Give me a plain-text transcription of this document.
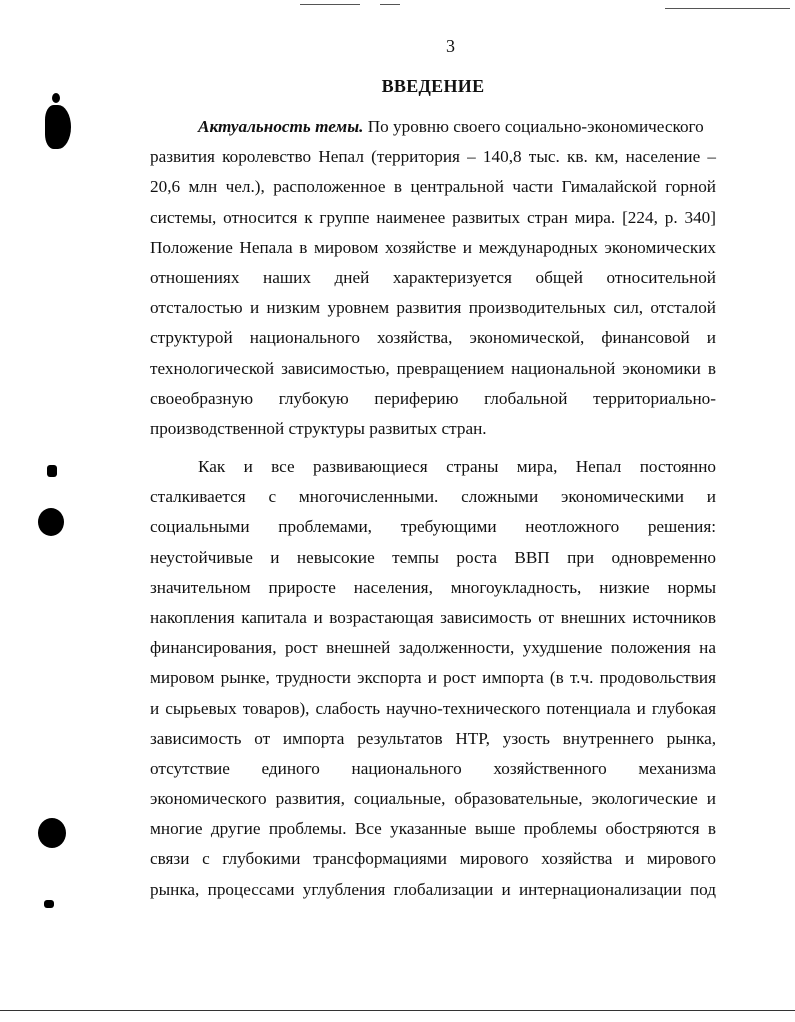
3
ВВЕДЕНИЕ
Актуальность темы. По уровню своего социально-экономического
развития королевство Непал (территория – 140,8 тыс. кв. км, население –
20,6 млн чел.), расположенное в центральной части Гималайской горной
системы, относится к группе наименее развитых стран мира. [224, р. 340]
Положение Непала в мировом хозяйстве и международных экономических
отношениях наших дней характеризуется общей относительной
отсталостью и низким уровнем развития производительных сил, отсталой
структурой национального хозяйства, экономической, финансовой и
технологической зависимостью, превращением национальной экономики в
своеобразную глубокую периферию глобальной территориально-
производственной структуры развитых стран.
Как и все развивающиеся страны мира, Непал постоянно
сталкивается с многочисленными. сложными экономическими и
социальными проблемами, требующими неотложного решения:
неустойчивые и невысокие темпы роста ВВП при одновременно
значительном приросте населения, многоукладность, низкие нормы
накопления капитала и возрастающая зависимость от внешних источников
финансирования, рост внешней задолженности, ухудшение положения на
мировом рынке, трудности экспорта и рост импорта (в т.ч. продовольствия
и сырьевых товаров), слабость научно-технического потенциала и глубокая
зависимость от импорта результатов НТР, узость внутреннего рынка,
отсутствие единого национального хозяйственного механизма
экономического развития, социальные, образовательные, экологические и
многие другие проблемы. Все указанные выше проблемы обостряются в
связи с глубокими трансформациями мирового хозяйства и мирового
рынка, процессами углубления глобализации и интернационализации под
